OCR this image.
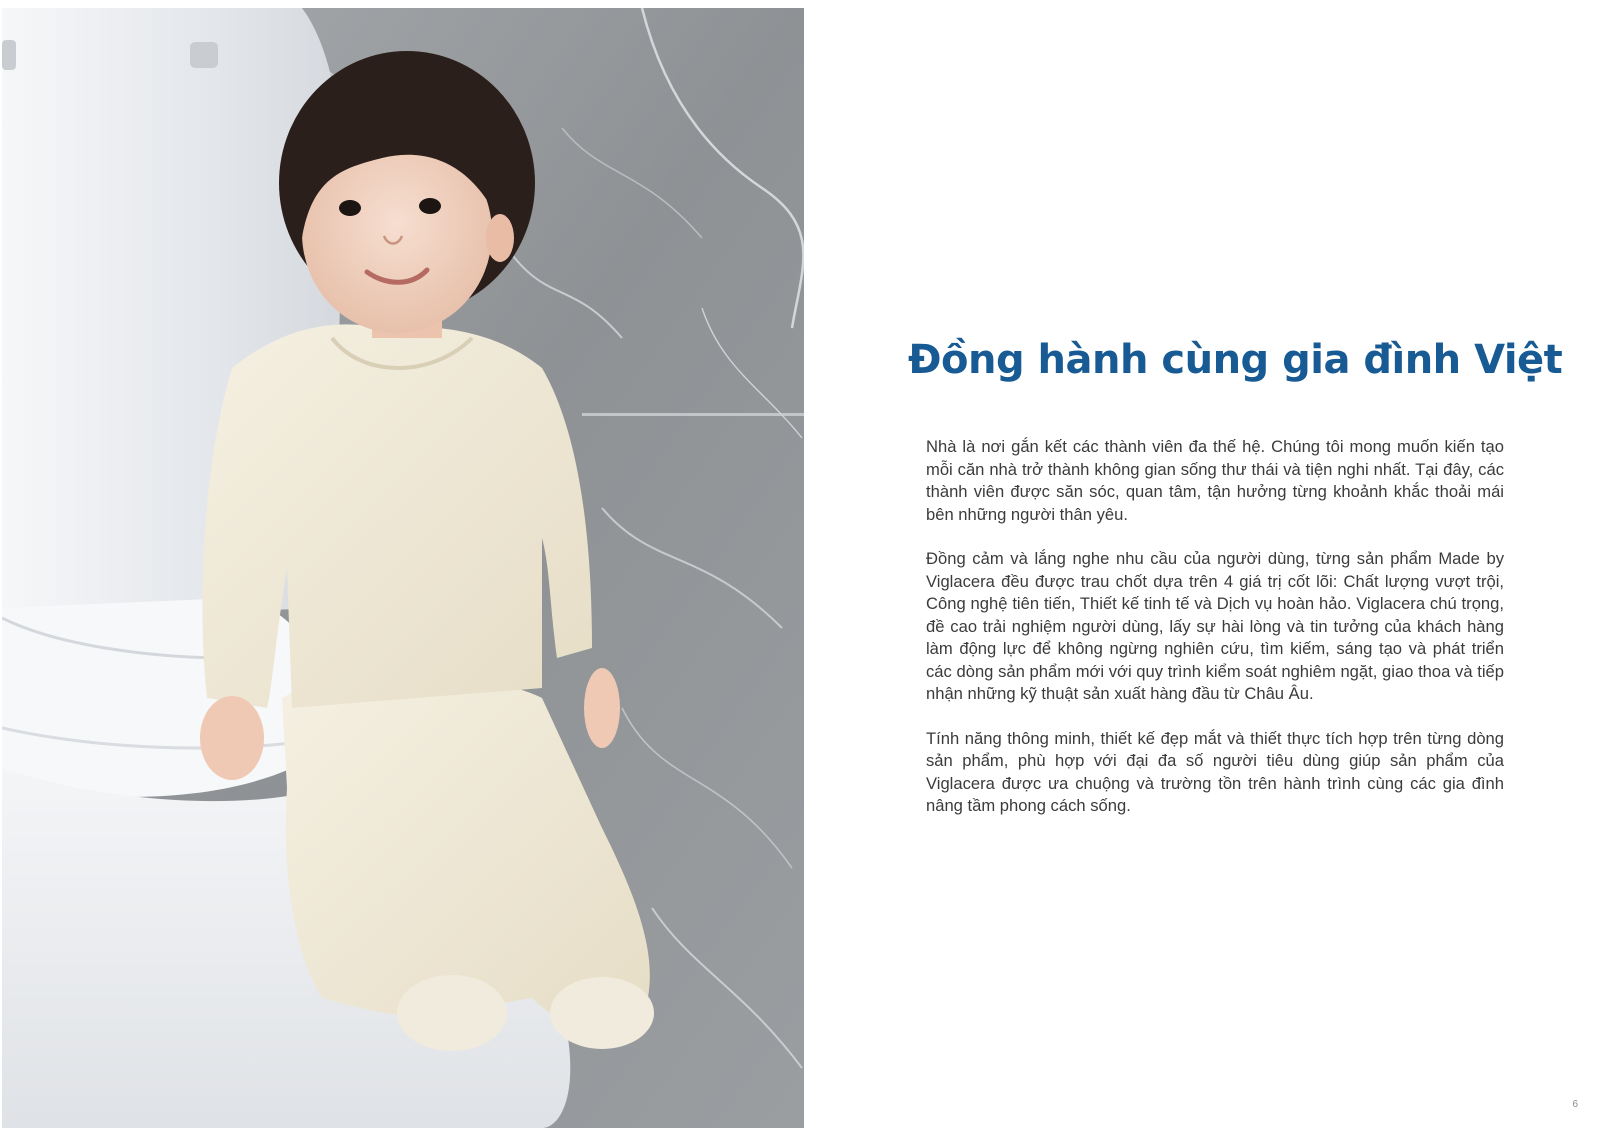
Đồng hành cùng gia đình Việt

Nhà là nơi gắn kết các thành viên đa thế hệ. Chúng tôi mong muốn kiến tạo mỗi căn nhà trở thành không gian sống thư thái và tiện nghi nhất. Tại đây, các thành viên được săn sóc, quan tâm, tận hưởng từng khoảnh khắc thoải mái bên những người thân yêu.

Đồng cảm và lắng nghe nhu cầu của người dùng, từng sản phẩm Made by Viglacera đều được trau chốt dựa trên 4 giá trị cốt lõi: Chất lượng vượt trội, Công nghệ tiên tiến, Thiết kế tinh tế và Dịch vụ hoàn hảo. Viglacera chú trọng, đề cao trải nghiệm người dùng, lấy sự hài lòng và tin tưởng của khách hàng làm động lực để không ngừng nghiên cứu, tìm kiếm, sáng tạo và phát triển các dòng sản phẩm mới với quy trình kiểm soát nghiêm ngặt, giao thoa và tiếp nhận những kỹ thuật sản xuất hàng đầu từ Châu Âu.

Tính năng thông minh, thiết kế đẹp mắt và thiết thực tích hợp trên từng dòng sản phẩm, phù hợp với đại đa số người tiêu dùng giúp sản phẩm của Viglacera được ưa chuộng và trường tồn trên hành trình cùng các gia đình nâng tầm phong cách sống.

6
